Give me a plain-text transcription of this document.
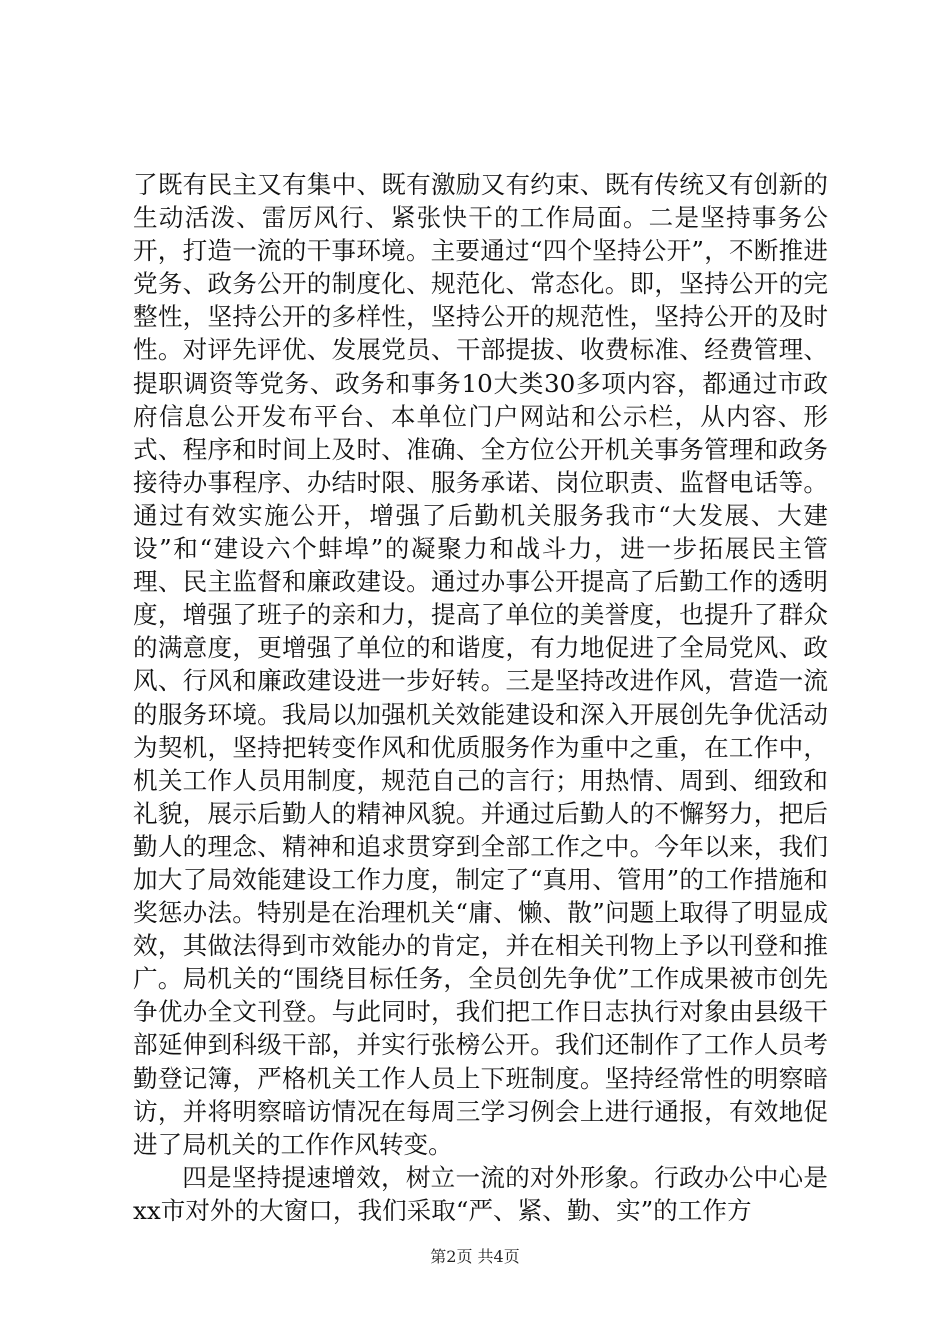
了既有民主又有集中、既有激励又有约束、既有传统又有创新的生动活泼、雷厉风行、紧张快干的工作局面。二是坚持事务公开，打造一流的干事环境。主要通过“四个坚持公开”，不断推进党务、政务公开的制度化、规范化、常态化。即，坚持公开的完整性，坚持公开的多样性，坚持公开的规范性，坚持公开的及时性。对评先评优、发展党员、干部提拔、收费标准、经费管理、提职调资等党务、政务和事务10大类30多项内容，都通过市政府信息公开发布平台、本单位门户网站和公示栏，从内容、形式、程序和时间上及时、准确、全方位公开机关事务管理和政务接待办事程序、办结时限、服务承诺、岗位职责、监督电话等。通过有效实施公开，增强了后勤机关服务我市“大发展、大建设”和“建设六个蚌埠”的凝聚力和战斗力，进一步拓展民主管理、民主监督和廉政建设。通过办事公开提高了后勤工作的透明度，增强了班子的亲和力，提高了单位的美誉度，也提升了群众的满意度，更增强了单位的和谐度，有力地促进了全局党风、政风、行风和廉政建设进一步好转。三是坚持改进作风，营造一流的服务环境。我局以加强机关效能建设和深入开展创先争优活动为契机，坚持把转变作风和优质服务作为重中之重，在工作中，机关工作人员用制度，规范自己的言行；用热情、周到、细致和礼貌，展示后勤人的精神风貌。并通过后勤人的不懈努力，把后勤人的理念、精神和追求贯穿到全部工作之中。今年以来，我们加大了局效能建设工作力度，制定了“真用、管用”的工作措施和奖惩办法。特别是在治理机关“庸、懒、散”问题上取得了明显成效，其做法得到市效能办的肯定，并在相关刊物上予以刊登和推广。局机关的“围绕目标任务，全员创先争优”工作成果被市创先争优办全文刊登。与此同时，我们把工作日志执行对象由县级干部延伸到科级干部，并实行张榜公开。我们还制作了工作人员考勤登记簿，严格机关工作人员上下班制度。坚持经常性的明察暗访，并将明察暗访情况在每周三学习例会上进行通报，有效地促进了局机关的工作作风转变。

四是坚持提速增效，树立一流的对外形象。行政办公中心是xx市对外的大窗口，我们采取“严、紧、勤、实”的工作方

第2页 共4页
